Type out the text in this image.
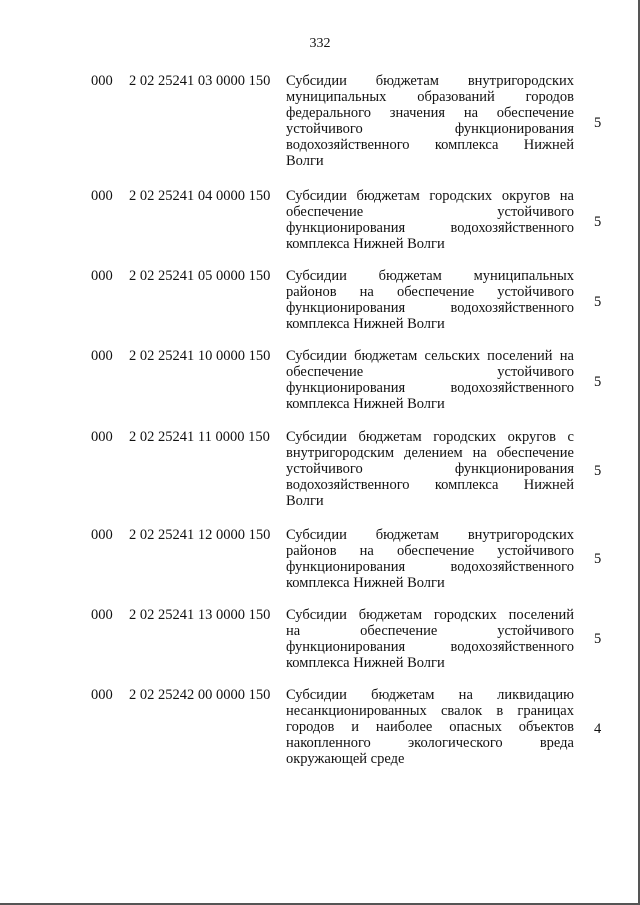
332
000 2 02 25241 03 0000 150 Субсидии бюджетам внутригородских
муниципальных образований городов
федерального значения на обеспечение
устойчивого функционирования
водохозяйственного комплекса Нижней
Волги
5
000 2 02 25241 04 0000 150 Субсидии бюджетам городских округов на
обеспечение устойчивого
функционирования водохозяйственного
комплекса Нижней Волги
5
000 2 02 25241 05 0000 150 Субсидии бюджетам муниципальных
районов на обеспечение устойчивого
функционирования водохозяйственного
комплекса Нижней Волги
5
000 2 02 25241 10 0000 150 Субсидии бюджетам сельских поселений на
обеспечение устойчивого
функционирования водохозяйственного
комплекса Нижней Волги
5
000 2 02 25241 11 0000 150 Субсидии бюджетам городских округов с
внутригородским делением на обеспечение
устойчивого функционирования
водохозяйственного комплекса Нижней
Волги
5
000 2 02 25241 12 0000 150 Субсидии бюджетам внутригородских
районов на обеспечение устойчивого
функционирования водохозяйственного
комплекса Нижней Волги
5
000 2 02 25241 13 0000 150 Субсидии бюджетам городских поселений
на обеспечение устойчивого
функционирования водохозяйственного
комплекса Нижней Волги
5
000 2 02 25242 00 0000 150 Субсидии бюджетам на ликвидацию
несанкционированных свалок в границах
городов и наиболее опасных объектов
накопленного экологического вреда
окружающей среде
4
